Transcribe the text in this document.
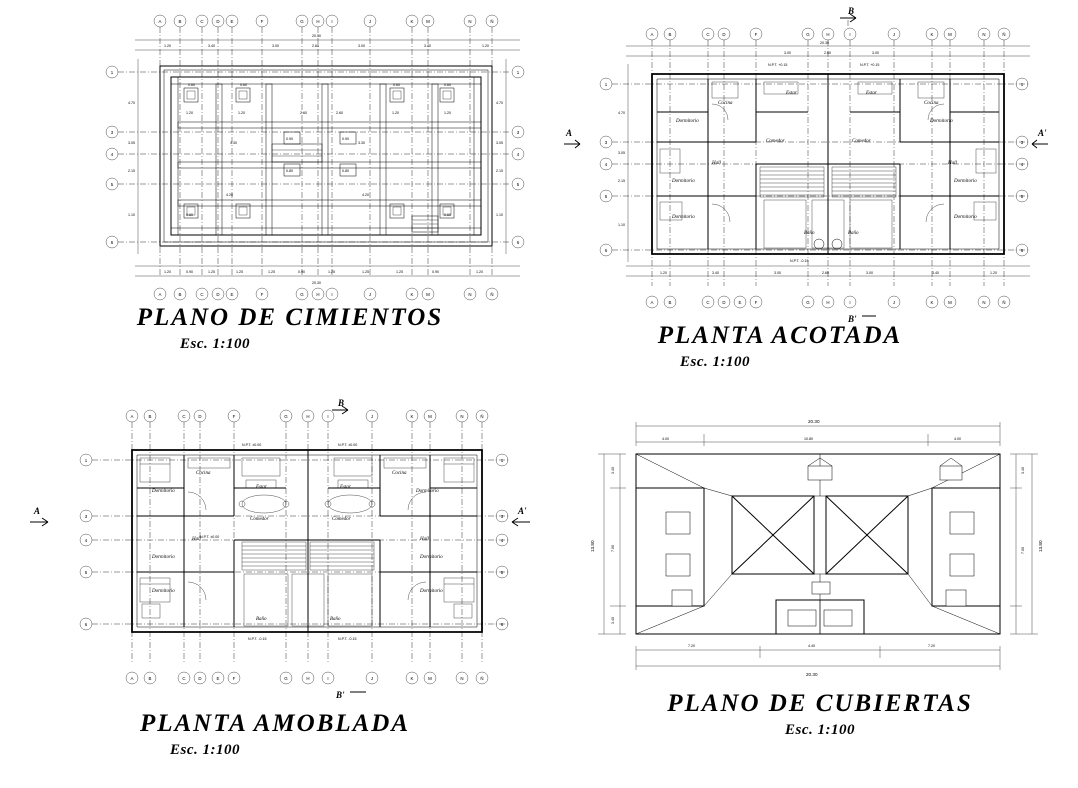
A	B	C	D E	F	G	H	I	J	K	M	N	Ñ
1
3
4
5
6
1
3
4
5
6
0.60	0.60	0.60	0.60
1.20	1.20	1.20	1.20
0.90	0.90
0.80	0.80
4.20	4.20
0.60	0.60
3.30	3.30
2.60	2.60
1.20	3.40	3.00	2.60	3.00	3.40	1.20
20.30
1.20	0.90	1.25	1.25	1.25	0.90	1.25	1.25	1.25	0.90	1.20
20.30
4.70
3.05
2.15
1.10
4.70
3.05
2.15
1.10
A	B	C	D E	F	G	H	I	J	K	M	N	Ñ
PLANO DE CIMIENTOS
Esc. 1:100
B
B'
A	A'
A	B	C	D	F	G	H	I	J	K	M	N	Ñ
1
3
4
5
6
1
3
4
5
6
Dormitorio	Dormitorio
Dormitorio	Dormitorio
Dormitorio	Dormitorio
Hall	Hall
Comedor	Comedor
Estar	Estar
Cocina	Cocina
Baño	Baño
3.00	2.60	3.00
20.30
1.20	3.40	3.00	2.60	3.00	3.40	1.20
4.70
3.05
2.15
1.10
N.P.T. +0.15	N.P.T. +0.15
N.P.T. -0.15
A	B	C	D	E	F	G	H	I	J	K	M	N	Ñ
PLANTA ACOTADA
Esc. 1:100
B
B'
A	A'
A	B	C	D	F	G	H	I	J	K	M	N	Ñ
1
3
4
5
6
1
3
4
5
6
Dormitorio	Dormitorio
Dormitorio	Dormitorio
Dormitorio	Dormitorio
Hall	Hall
Comedor	Comedor
Estar	Estar
Cocina	Cocina
Baño	Baño
N.P.T. ±0.00	N.P.T. ±0.00
N.P.T. ±0.00
N.P.T. -0.15	N.P.T. -0.15
A	B	C	D	E	F	G	H	I	J	K	M	N	Ñ
PLANTA AMOBLADA
Esc. 1:100
20.30
4.00	10.80	4.00
13.80
3.40
7.00
3.40
13.80
3.40
7.00
7.20	4.40	7.20
20.30
PLANO DE CUBIERTAS
Esc. 1:100
